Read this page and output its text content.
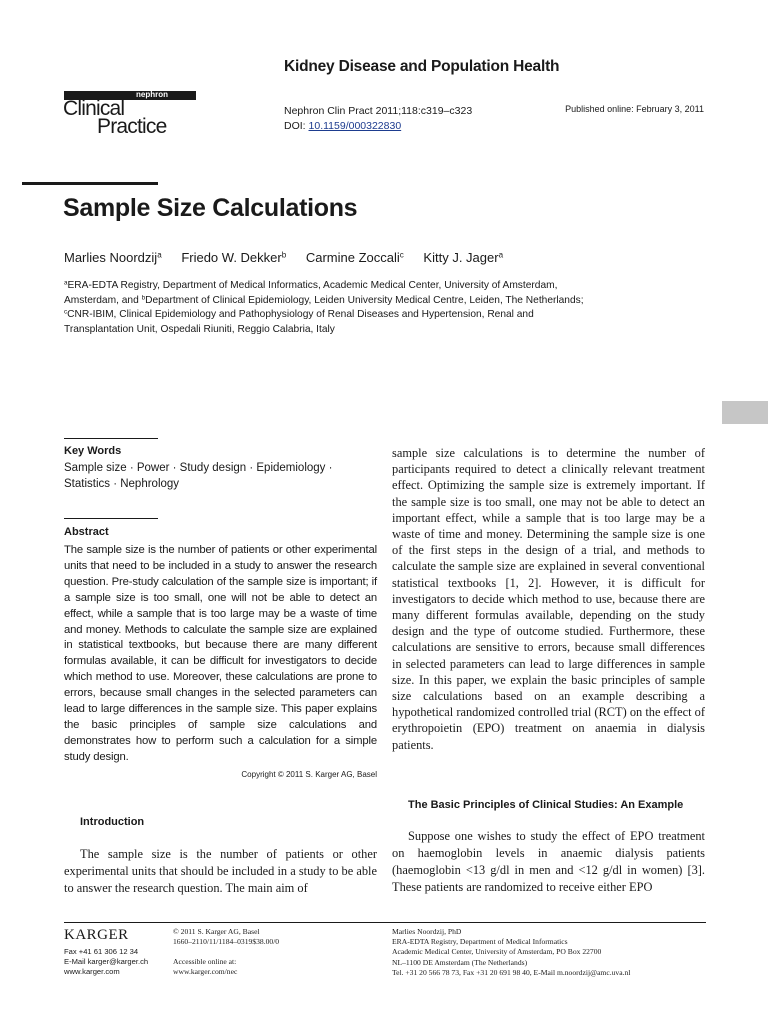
Kidney Disease and Population Health
nephron
Clinical
Practice
Nephron Clin Pract 2011;118:c319–c323
DOI: 10.1159/000322830
Published online: February 3, 2011
Sample Size Calculations
Marlies Noordzij$^a$ Friedo W. Dekker$^b$ Carmine Zoccali$^c$ Kitty J. Jager$^a$
$^a$ERA-EDTA Registry, Department of Medical Informatics, Academic Medical Center, University of Amsterdam,
Amsterdam, and $^b$Department of Clinical Epidemiology, Leiden University Medical Centre, Leiden, The Netherlands;
$^c$CNR-IBIM, Clinical Epidemiology and Pathophysiology of Renal Diseases and Hypertension, Renal and
Transplantation Unit, Ospedali Riuniti, Reggio Calabria, Italy
Key Words
Sample size · Power · Study design · Epidemiology ·
Statistics · Nephrology
Abstract
The sample size is the number of patients or other experimental units that need to be included in a study to answer the research question. Pre-study calculation of the sample size is important; if a sample size is too small, one will not be able to detect an effect, while a sample that is too large may be a waste of time and money. Methods to calculate the sample size are explained in statistical textbooks, but because there are many different formulas available, it can be difficult for investigators to decide which method to use. Moreover, these calculations are prone to errors, because small changes in the selected parameters can lead to large differences in the sample size. This paper explains the basic principles of sample size calculations and demonstrates how to perform such a calculation for a simple study design.
Copyright © 2011 S. Karger AG, Basel
Introduction
The sample size is the number of patients or other experimental units that should be included in a study to be able to answer the research question. The main aim of
sample size calculations is to determine the number of participants required to detect a clinically relevant treatment effect. Optimizing the sample size is extremely important. If the sample size is too small, one may not be able to detect an important effect, while a sample that is too large may be a waste of time and money. Determining the sample size is one of the first steps in the design of a trial, and methods to calculate the sample size are explained in several conventional statistical textbooks [1, 2]. However, it is difficult for investigators to decide which method to use, because there are many different formulas available, depending on the study design and the type of outcome studied. Furthermore, these calculations are sensitive to errors, because small differences in selected parameters can lead to large differences in sample size. In this paper, we explain the basic principles of sample size calculations based on an example describing a hypothetical randomized controlled trial (RCT) on the effect of erythropoietin (EPO) treatment on anaemia in dialysis patients.
The Basic Principles of Clinical Studies: An Example
Suppose one wishes to study the effect of EPO treatment on haemoglobin levels in anaemic dialysis patients (haemoglobin <13 g/dl in men and <12 g/dl in women) [3]. These patients are randomized to receive either EPO
KARGER
Fax +41 61 306 12 34
E-Mail karger@karger.ch
www.karger.com
© 2011 S. Karger AG, Basel
1660–2110/11/1184–0319$38.00/0
Accessible online at:
www.karger.com/nec
Marlies Noordzij, PhD
ERA-EDTA Registry, Department of Medical Informatics
Academic Medical Center, University of Amsterdam, PO Box 22700
NL–1100 DE Amsterdam (The Netherlands)
Tel. +31 20 566 78 73, Fax +31 20 691 98 40, E-Mail m.noordzij@amc.uva.nl
